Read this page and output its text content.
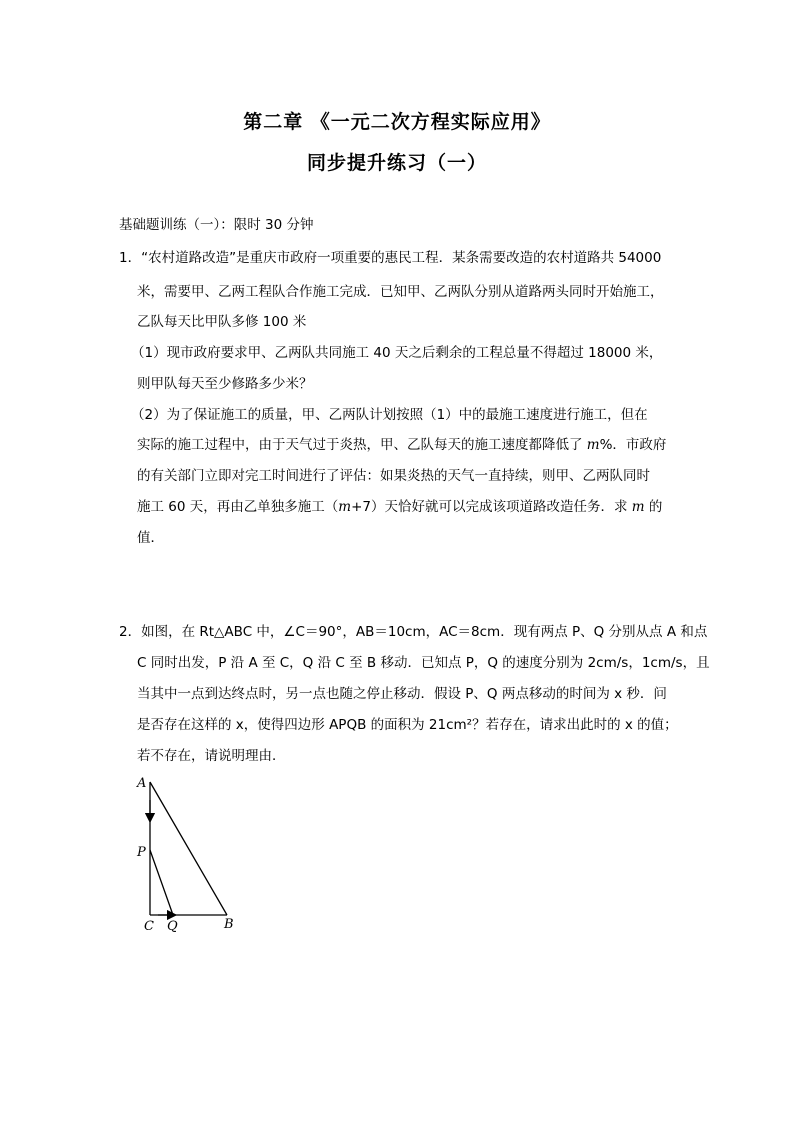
第二章 《一元二次方程实际应用》
同步提升练习（一）
基础题训练（一）：限时 30 分钟
1．“农村道路改造”是重庆市政府一项重要的惠民工程．某条需要改造的农村道路共 54000
米，需要甲、乙两工程队合作施工完成．已知甲、乙两队分别从道路两头同时开始施工，
乙队每天比甲队多修 100 米
（1）现市政府要求甲、乙两队共同施工 40 天之后剩余的工程总量不得超过 18000 米，
则甲队每天至少修路多少米？
（2）为了保证施工的质量，甲、乙两队计划按照（1）中的最施工速度进行施工，但在
实际的施工过程中，由于天气过于炎热，甲、乙队每天的施工速度都降低了 m%．市政府
的有关部门立即对完工时间进行了评估：如果炎热的天气一直持续，则甲、乙两队同时
施工 60 天，再由乙单独多施工（m+7）天恰好就可以完成该项道路改造任务．求 m 的
值．
2．如图，在 Rt△ABC 中，∠C＝90°，AB＝10cm，AC＝8cm．现有两点 P、Q 分别从点 A 和点
C 同时出发，P 沿 A 至 C，Q 沿 C 至 B 移动．已知点 P，Q 的速度分别为 2cm/s，1cm/s，且
当其中一点到达终点时，另一点也随之停止移动．假设 P、Q 两点移动的时间为 x 秒．问
是否存在这样的 x，使得四边形 APQB 的面积为 21cm²？若存在，请求出此时的 x 的值；
若不存在，请说明理由．
A
P
C Q	B
